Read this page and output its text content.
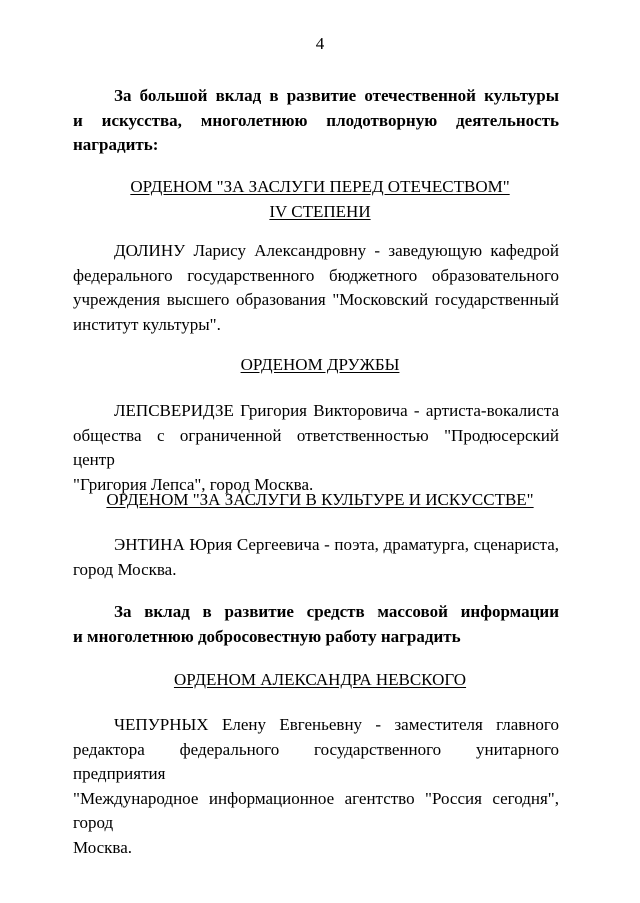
4
За большой вклад в развитие отечественной культуры
и искусства, многолетнюю плодотворную деятельность
наградить:
ОРДЕНОМ "ЗА ЗАСЛУГИ ПЕРЕД ОТЕЧЕСТВОМ"
IV СТЕПЕНИ
ДОЛИНУ Ларису Александровну - заведующую кафедрой
федерального государственного бюджетного образовательного
учреждения высшего образования "Московский государственный
институт культуры".
ОРДЕНОМ ДРУЖБЫ
ЛЕПСВЕРИДЗЕ Григория Викторовича - артиста-вокалиста
общества с ограниченной ответственностью "Продюсерский центр
"Григория Лепса", город Москва.
ОРДЕНОМ "ЗА ЗАСЛУГИ В КУЛЬТУРЕ И ИСКУССТВЕ"
ЭНТИНА Юрия Сергеевича - поэта, драматурга, сценариста,
город Москва.
За вклад в развитие средств массовой информации
и многолетнюю добросовестную работу наградить
ОРДЕНОМ АЛЕКСАНДРА НЕВСКОГО
ЧЕПУРНЫХ Елену Евгеньевну - заместителя главного
редактора федерального государственного унитарного предприятия
"Международное информационное агентство "Россия сегодня", город
Москва.
